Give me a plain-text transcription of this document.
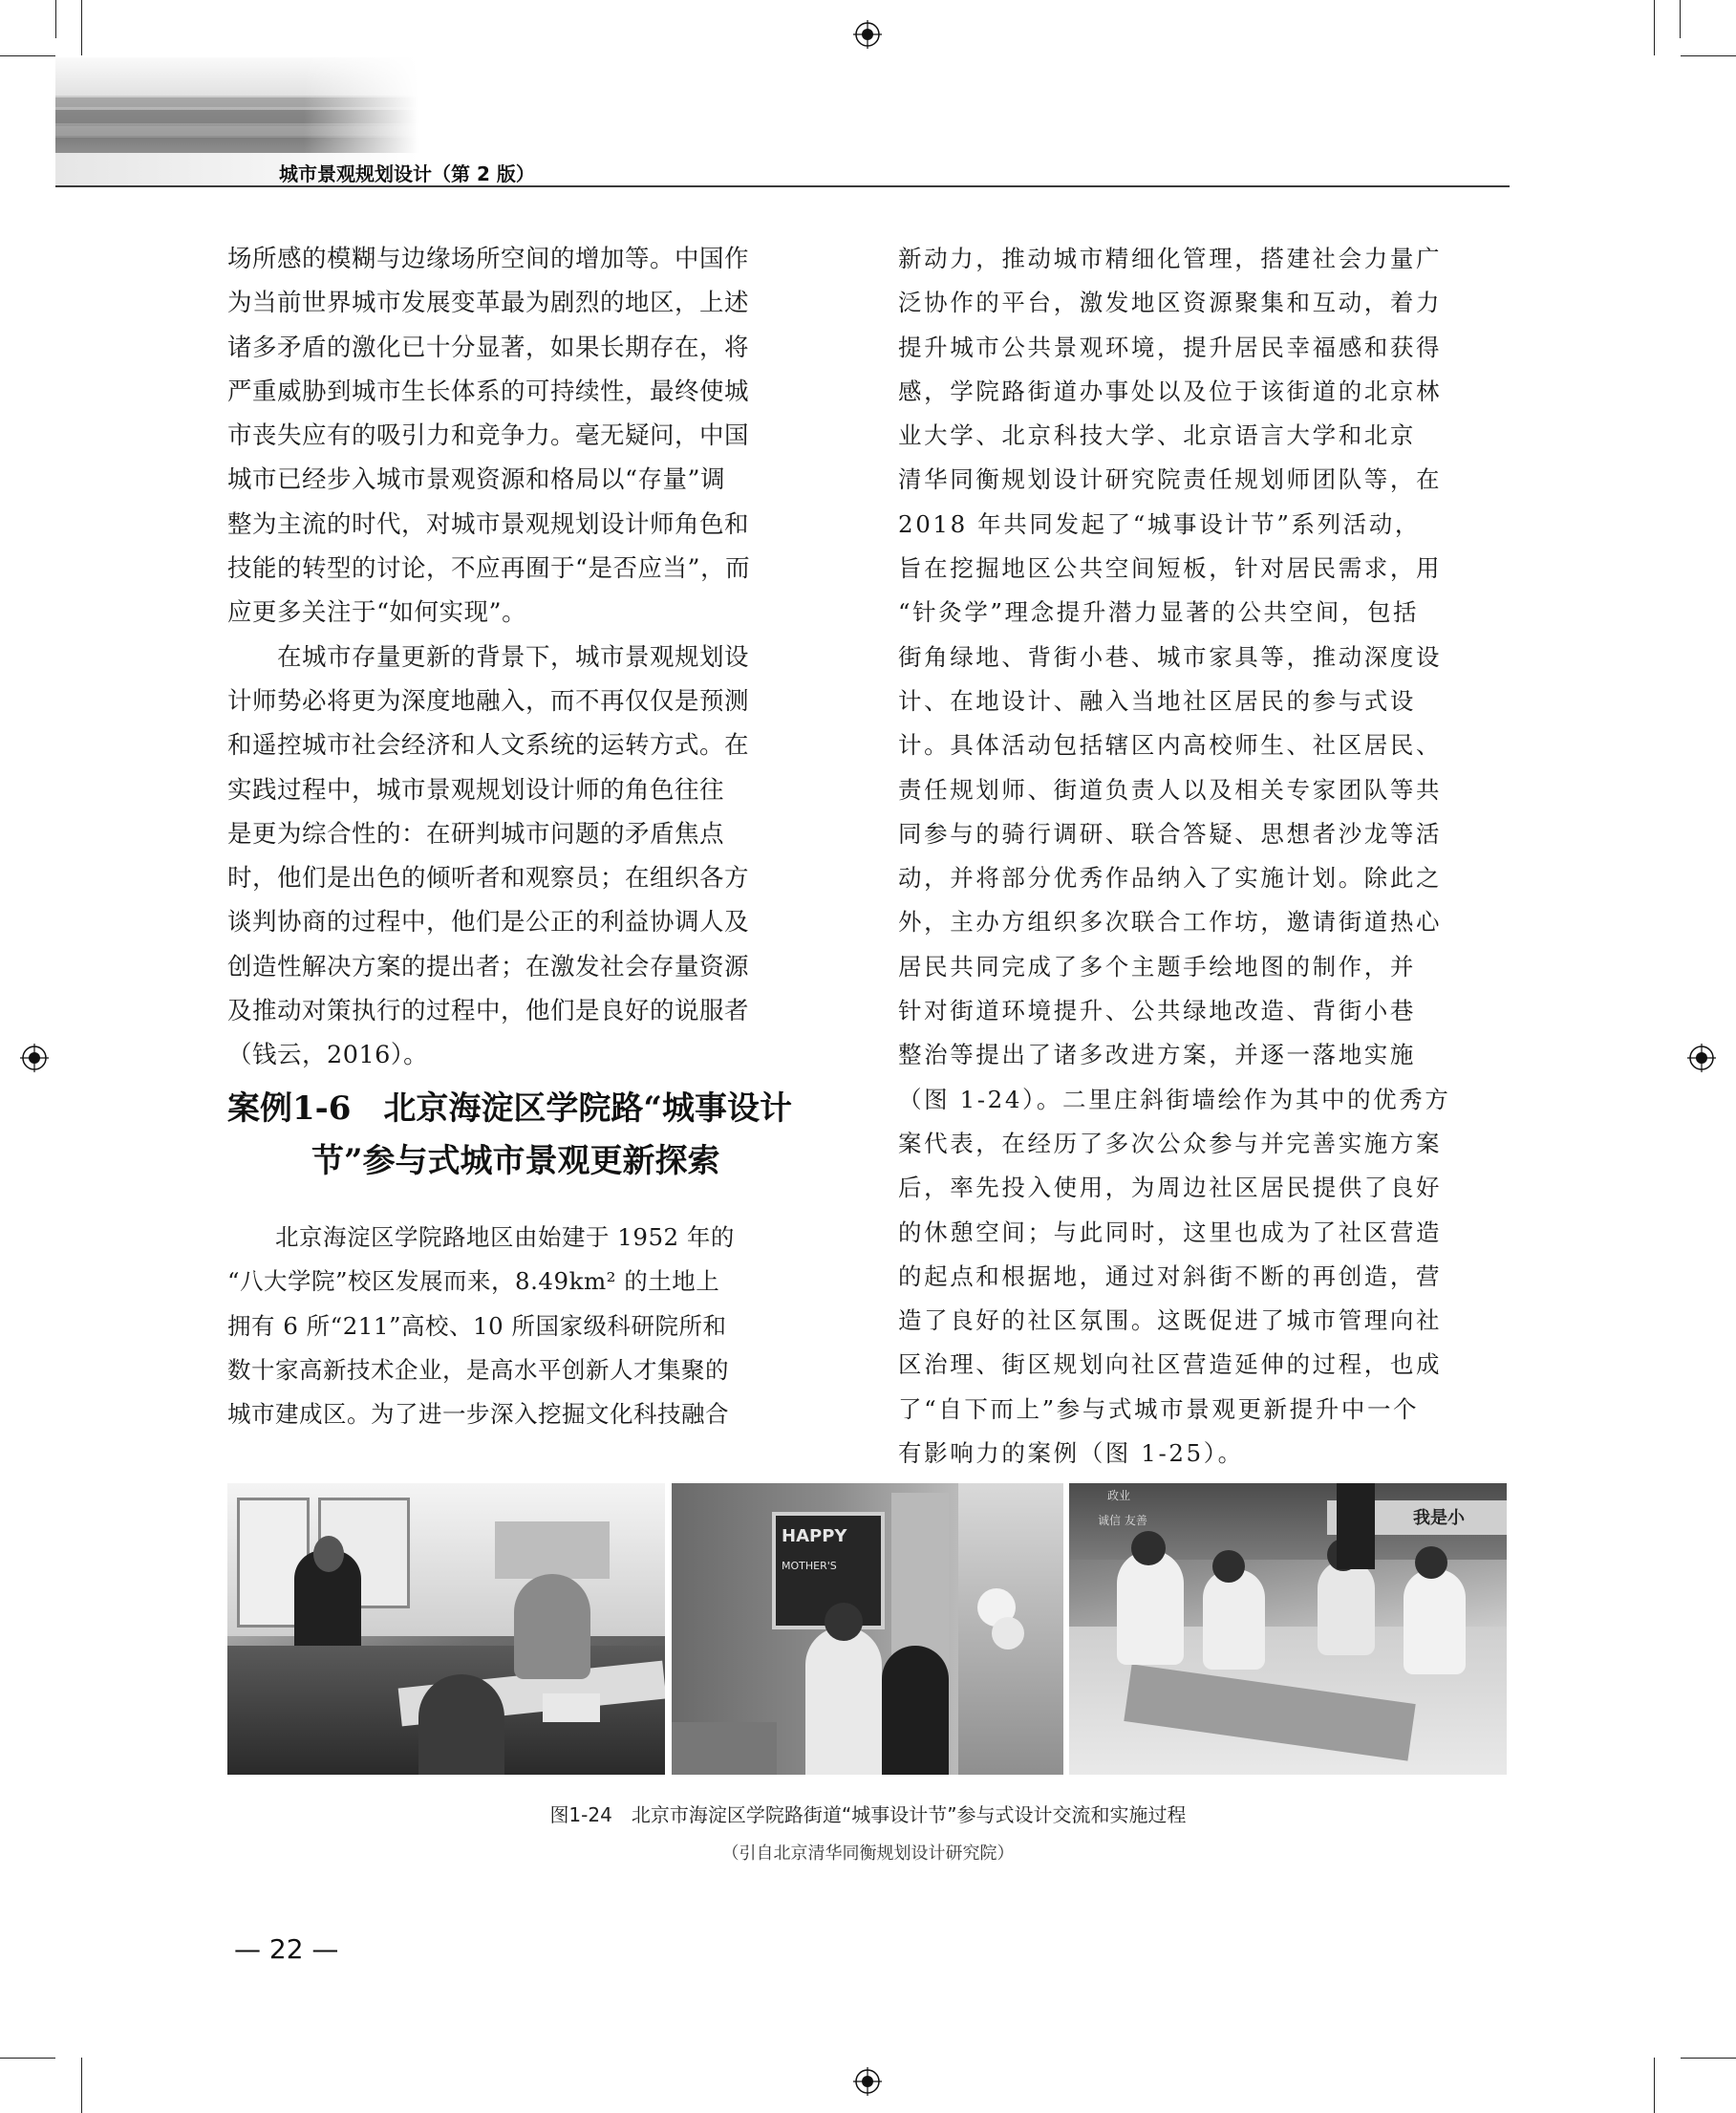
城市景观规划设计（第 2 版）
场所感的模糊与边缘场所空间的增加等。中国作
为当前世界城市发展变革最为剧烈的地区，上述
诸多矛盾的激化已十分显著，如果长期存在，将
严重威胁到城市生长体系的可持续性，最终使城
市丧失应有的吸引力和竞争力。毫无疑问，中国
城市已经步入城市景观资源和格局以“存量”调
整为主流的时代，对城市景观规划设计师角色和
技能的转型的讨论，不应再囿于“是否应当”，而
应更多关注于“如何实现”。
　　在城市存量更新的背景下，城市景观规划设
计师势必将更为深度地融入，而不再仅仅是预测
和遥控城市社会经济和人文系统的运转方式。在
实践过程中，城市景观规划设计师的角色往往
是更为综合性的：在研判城市问题的矛盾焦点
时，他们是出色的倾听者和观察员；在组织各方
谈判协商的过程中，他们是公正的利益协调人及
创造性解决方案的提出者；在激发社会存量资源
及推动对策执行的过程中，他们是良好的说服者
（钱云，2016）。
案例1-6　北京海淀区学院路“城事设计
节”参与式城市景观更新探索
　　北京海淀区学院路地区由始建于 1952 年的
“八大学院”校区发展而来，8.49km² 的土地上
拥有 6 所“211”高校、10 所国家级科研院所和
数十家高新技术企业，是高水平创新人才集聚的
城市建成区。为了进一步深入挖掘文化科技融合
新动力，推动城市精细化管理，搭建社会力量广
泛协作的平台，激发地区资源聚集和互动，着力
提升城市公共景观环境，提升居民幸福感和获得
感，学院路街道办事处以及位于该街道的北京林
业大学、北京科技大学、北京语言大学和北京
清华同衡规划设计研究院责任规划师团队等，在
2018 年共同发起了“城事设计节”系列活动，
旨在挖掘地区公共空间短板，针对居民需求，用
“针灸学”理念提升潜力显著的公共空间，包括
街角绿地、背街小巷、城市家具等，推动深度设
计、在地设计、融入当地社区居民的参与式设
计。具体活动包括辖区内高校师生、社区居民、
责任规划师、街道负责人以及相关专家团队等共
同参与的骑行调研、联合答疑、思想者沙龙等活
动，并将部分优秀作品纳入了实施计划。除此之
外，主办方组织多次联合工作坊，邀请街道热心
居民共同完成了多个主题手绘地图的制作，并
针对街道环境提升、公共绿地改造、背街小巷
整治等提出了诸多改进方案，并逐一落地实施
（图 1-24）。二里庄斜街墙绘作为其中的优秀方
案代表，在经历了多次公众参与并完善实施方案
后，率先投入使用，为周边社区居民提供了良好
的休憩空间；与此同时，这里也成为了社区营造
的起点和根据地，通过对斜街不断的再创造，营
造了良好的社区氛围。这既促进了城市管理向社
区治理、街区规划向社区营造延伸的过程，也成
了“自下而上”参与式城市景观更新提升中一个
有影响力的案例（图 1-25）。
HAPPY
MOTHER'S
我是小
政业
诚信 友善
图1-24　北京市海淀区学院路街道“城事设计节”参与式设计交流和实施过程
（引自北京清华同衡规划设计研究院）
— 22 —
